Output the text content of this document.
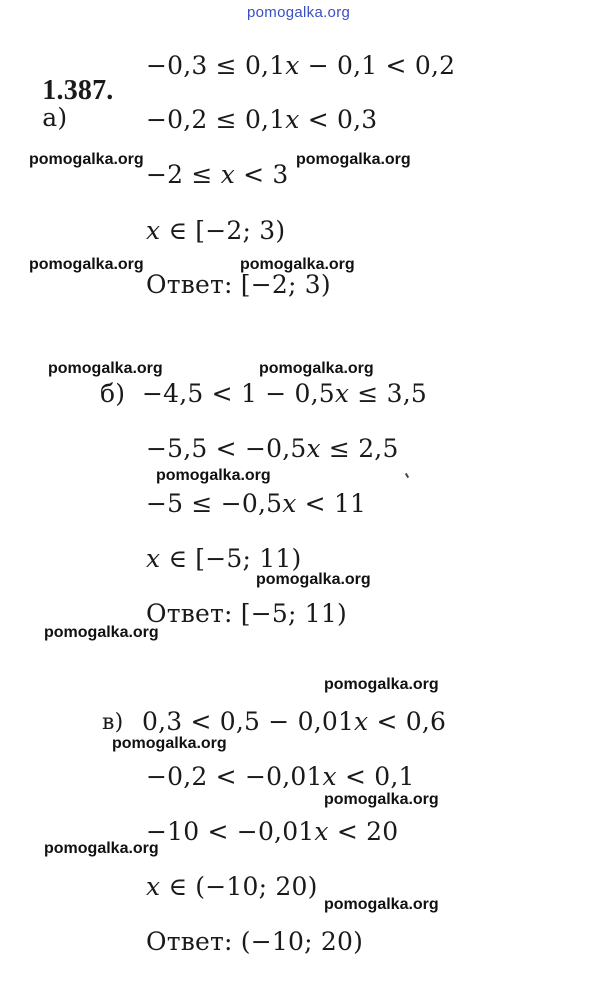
pomogalka.org

1.387.
а)

−0,3 ≤ 0,1𝑥 − 0,1 < 0,2
−0,2 ≤ 0,1𝑥 < 0,3
−2 ≤ 𝑥 < 3
𝑥 ∈ [−2; 3)
Ответ: [−2; 3)
б) −4,5 < 1 − 0,5𝑥 ≤ 3,5
−5,5 < −0,5𝑥 ≤ 2,5
−5 ≤ −0,5𝑥 < 11
𝑥 ∈ [−5; 11)
Ответ: [−5; 11)
в) 0,3 < 0,5 − 0,01𝑥 < 0,6
−0,2 < −0,01𝑥 < 0,1
−10 < −0,01𝑥 < 20
𝑥 ∈ (−10; 20)
Ответ: (−10; 20)
pomogalka.org	pomogalka.org
pomogalka.org	pomogalka.org
pomogalka.org	pomogalka.org
pomogalka.org
pomogalka.org
pomogalka.org
pomogalka.org
pomogalka.org
pomogalka.org
pomogalka.org
pomogalka.org
